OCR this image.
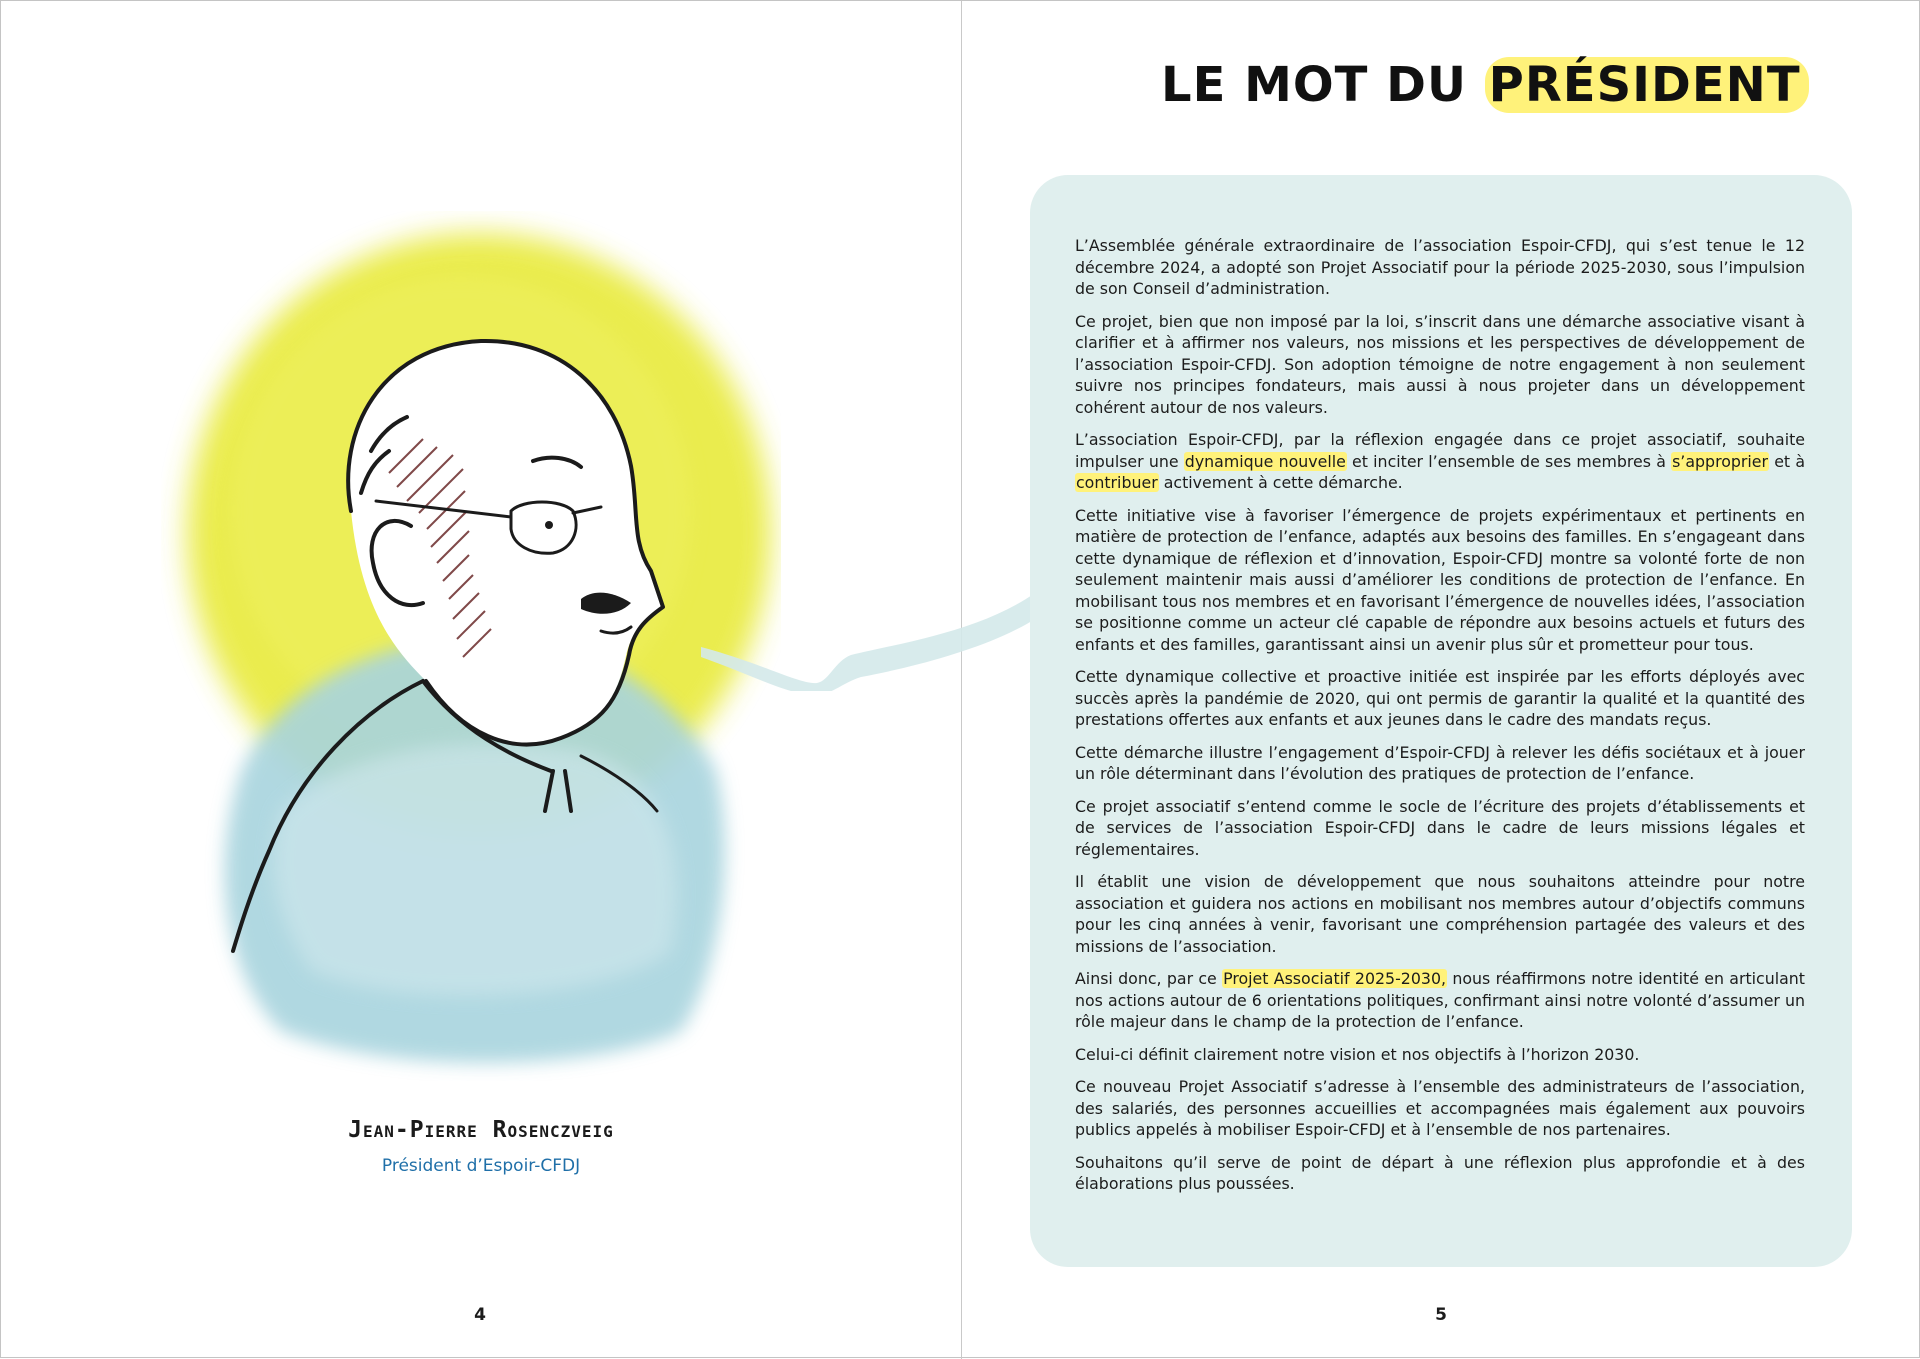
Jean-Pierre Rosenczveig
Président d’Espoir-CFDJ
4
LE MOT DU PRÉSIDENT

L’Assemblée générale extraordinaire de l’association Espoir-CFDJ, qui s’est tenue le 12 décembre 2024, a adopté son Projet Associatif pour la période 2025-2030, sous l’impulsion de son Conseil d’administration.

Ce projet, bien que non imposé par la loi, s’inscrit dans une démarche associative visant à clarifier et à affirmer nos valeurs, nos missions et les perspectives de développement de l’association Espoir-CFDJ. Son adoption témoigne de notre engagement à non seulement suivre nos principes fondateurs, mais aussi à nous projeter dans un développement cohérent autour de nos valeurs.

L’association Espoir-CFDJ, par la réflexion engagée dans ce projet associatif, souhaite impulser une dynamique nouvelle et inciter l’ensemble de ses membres à s’approprier et à contribuer activement à cette démarche.

Cette initiative vise à favoriser l’émergence de projets expérimentaux et pertinents en matière de protection de l’enfance, adaptés aux besoins des familles. En s’engageant dans cette dynamique de réflexion et d’innovation, Espoir-CFDJ montre sa volonté forte de non seulement maintenir mais aussi d’améliorer les conditions de protection de l’enfance. En mobilisant tous nos membres et en favorisant l’émergence de nouvelles idées, l’association se positionne comme un acteur clé capable de répondre aux besoins actuels et futurs des enfants et des familles, garantissant ainsi un avenir plus sûr et prometteur pour tous.

Cette dynamique collective et proactive initiée est inspirée par les efforts déployés avec succès après la pandémie de 2020, qui ont permis de garantir la qualité et la quantité des prestations offertes aux enfants et aux jeunes dans le cadre des mandats reçus.

Cette démarche illustre l’engagement d’Espoir-CFDJ à relever les défis sociétaux et à jouer un rôle déterminant dans l’évolution des pratiques de protection de l’enfance.

Ce projet associatif s’entend comme le socle de l’écriture des projets d’établissements et de services de l’association Espoir-CFDJ dans le cadre de leurs missions légales et réglementaires.

Il établit une vision de développement que nous souhaitons atteindre pour notre association et guidera nos actions en mobilisant nos membres autour d’objectifs communs pour les cinq années à venir, favorisant une compréhension partagée des valeurs et des missions de l’association.

Ainsi donc, par ce Projet Associatif 2025-2030, nous réaffirmons notre identité en articulant nos actions autour de 6 orientations politiques, confirmant ainsi notre volonté d’assumer un rôle majeur dans le champ de la protection de l’enfance.

Celui-ci définit clairement notre vision et nos objectifs à l’horizon 2030.

Ce nouveau Projet Associatif s’adresse à l’ensemble des administrateurs de l’association, des salariés, des personnes accueillies et accompagnées mais également aux pouvoirs publics appelés à mobiliser Espoir-CFDJ et à l’ensemble de nos partenaires.

Souhaitons qu’il serve de point de départ à une réflexion plus approfondie et à des élaborations plus poussées.

5
